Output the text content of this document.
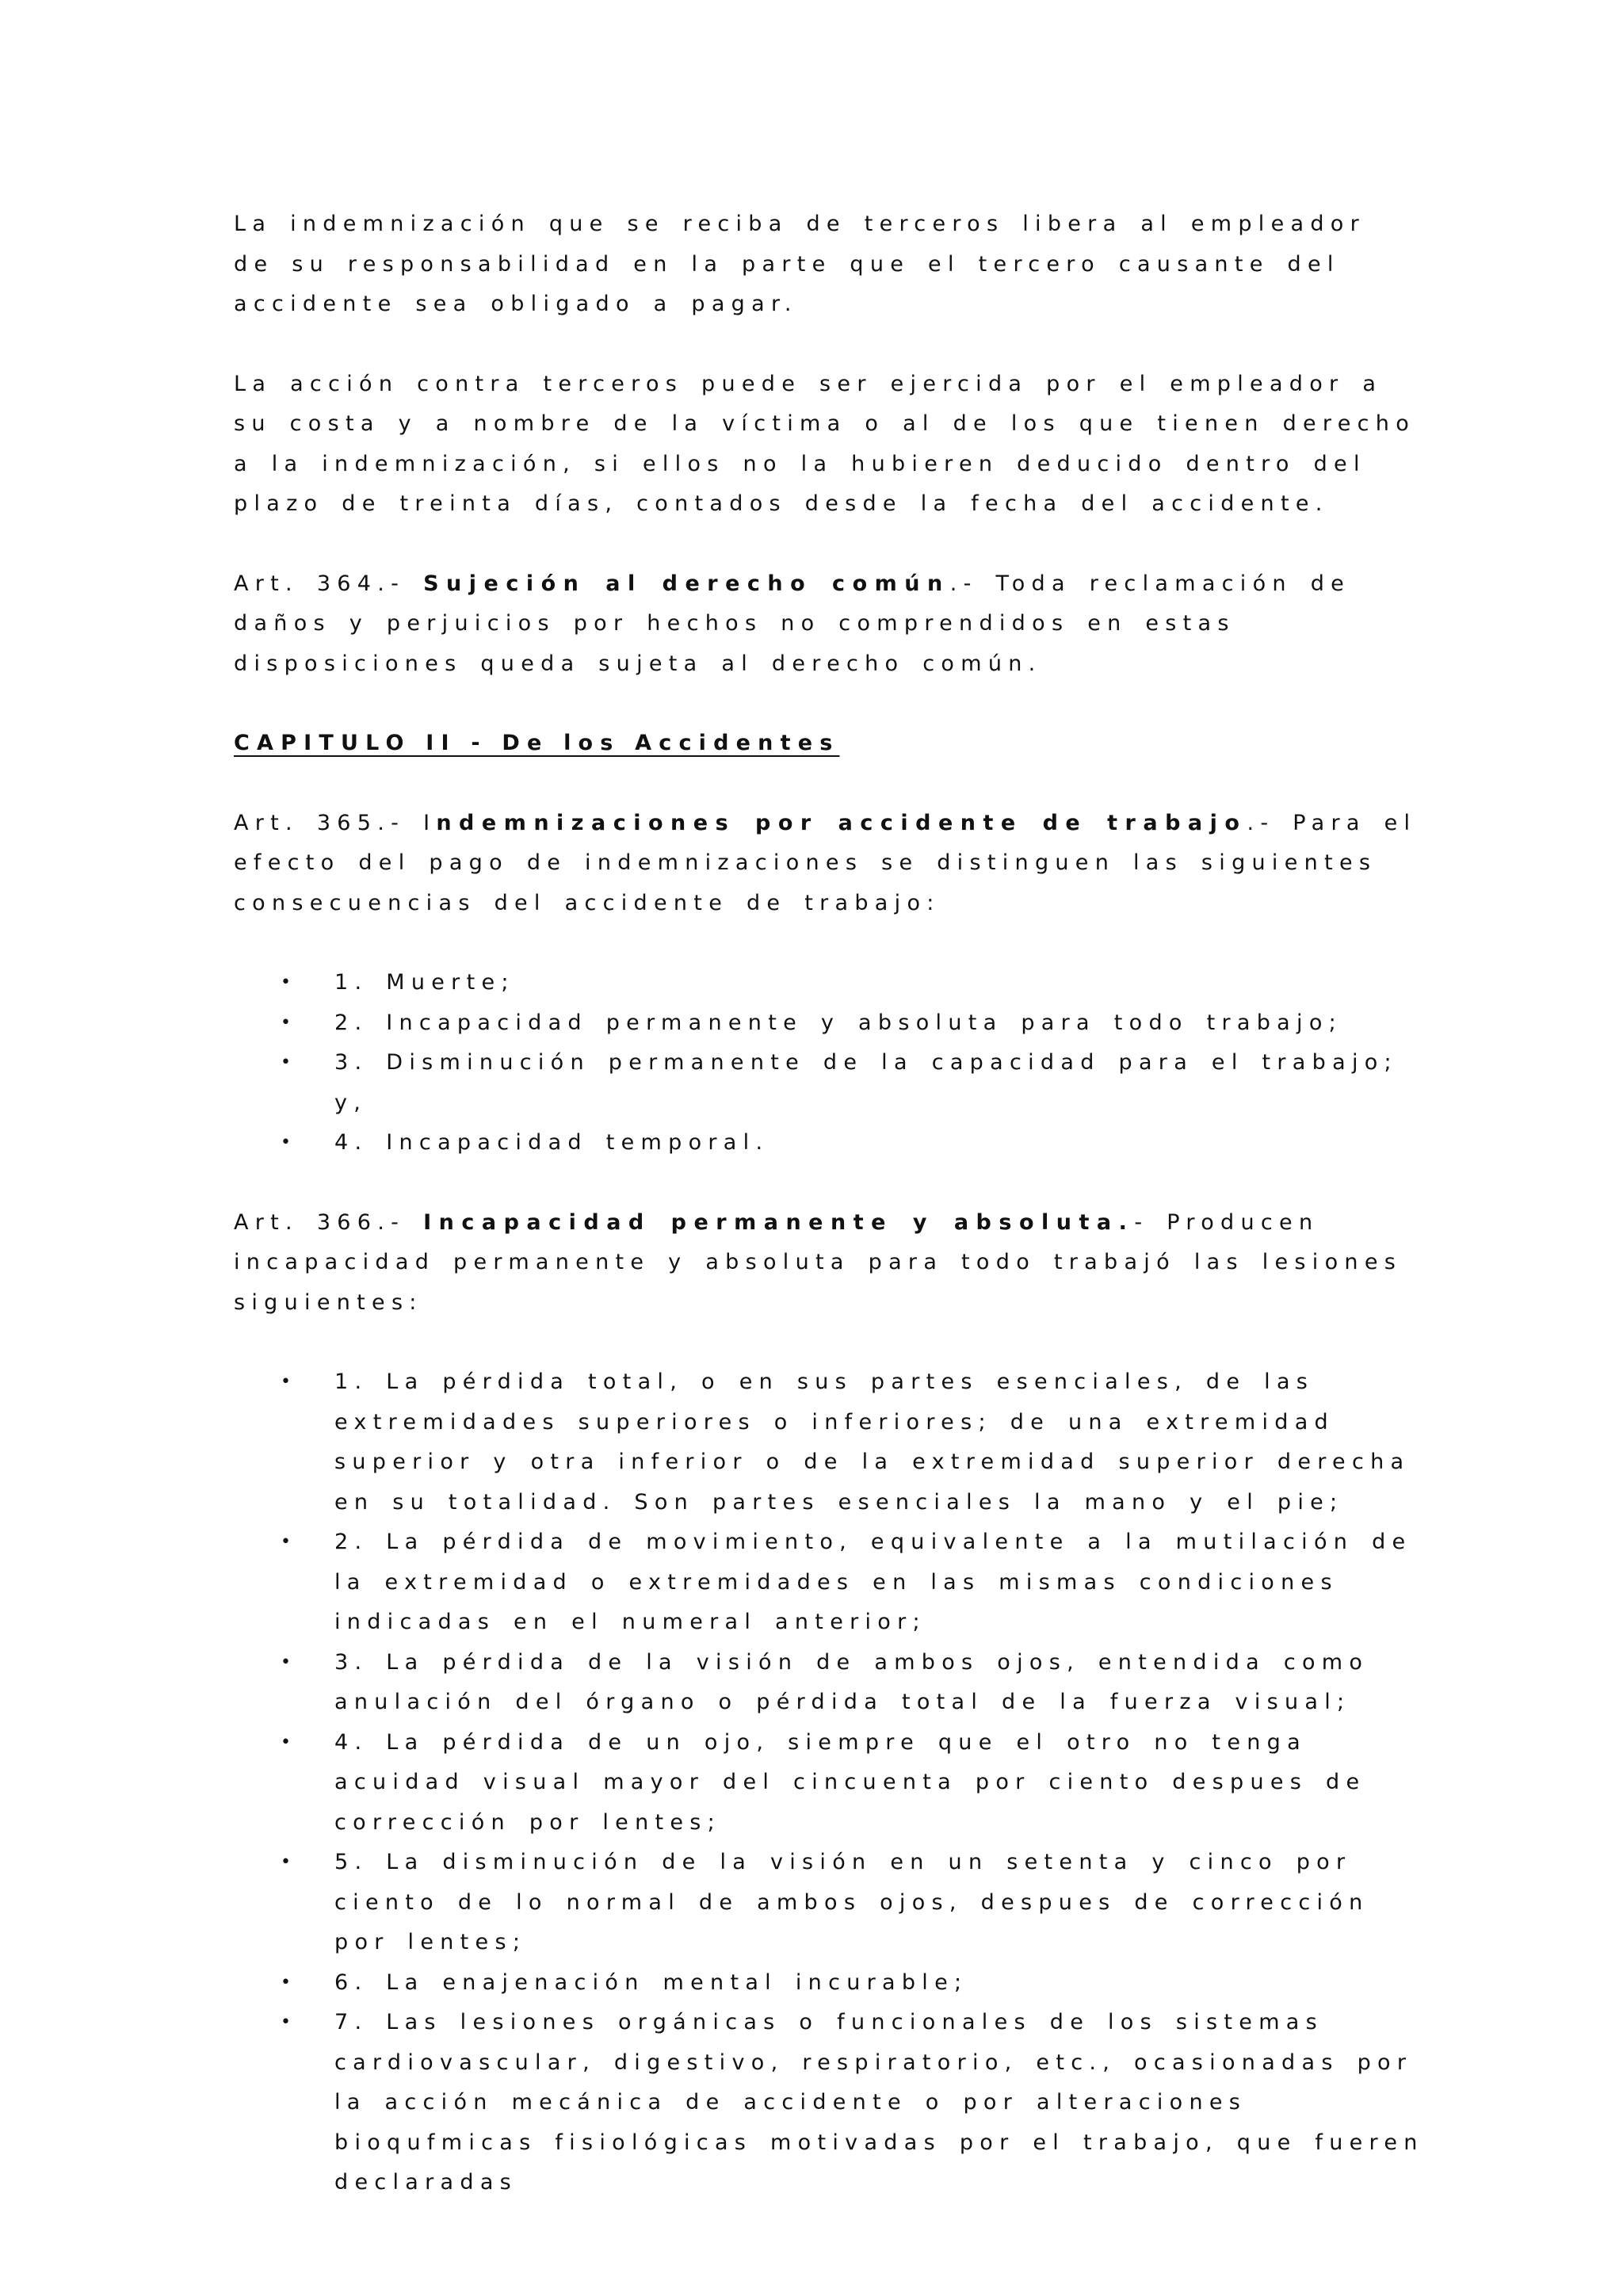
La indemnización que se reciba de terceros libera al empleador de su responsabilidad en la parte que el tercero causante del accidente sea obligado a pagar.

La acción contra terceros puede ser ejercida por el empleador a su costa y a nombre de la víctima o al de los que tienen derecho a la indemnización, si ellos no la hubieren deducido dentro del plazo de treinta días, contados desde la fecha del accidente.

Art. 364.- Sujeción al derecho común.- Toda reclamación de daños y perjuicios por hechos no comprendidos en estas disposiciones queda sujeta al derecho común.

CAPITULO II - De los Accidentes

Art. 365.- Indemnizaciones por accidente de trabajo.- Para el efecto del pago de indemnizaciones se distinguen las siguientes consecuencias del accidente de trabajo:

• 1. Muerte;
• 2. Incapacidad permanente y absoluta para todo trabajo;
• 3. Disminución permanente de la capacidad para el trabajo; y,
• 4. Incapacidad temporal.

Art. 366.- Incapacidad permanente y absoluta.- Producen incapacidad permanente y absoluta para todo trabajó las lesiones siguientes:

• 1. La pérdida total, o en sus partes esenciales, de las extremidades superiores o inferiores; de una extremidad superior y otra inferior o de la extremidad superior derecha en su totalidad. Son partes esenciales la mano y el pie;
• 2. La pérdida de movimiento, equivalente a la mutilación de la extremidad o extremidades en las mismas condiciones indicadas en el numeral anterior;
• 3. La pérdida de la visión de ambos ojos, entendida como anulación del órgano o pérdida total de la fuerza visual;
• 4. La pérdida de un ojo, siempre que el otro no tenga acuidad visual mayor del cincuenta por ciento despues de corrección por lentes;
• 5. La disminución de la visión en un setenta y cinco por ciento de lo normal de ambos ojos, despues de corrección por lentes;
• 6. La enajenación mental incurable;
• 7. Las lesiones orgánicas o funcionales de los sistemas cardiovascular, digestivo, respiratorio, etc., ocasionadas por la acción mecánica de accidente o por alteraciones bioqufmicas fisiológicas motivadas por el trabajo, que fueren declaradas
